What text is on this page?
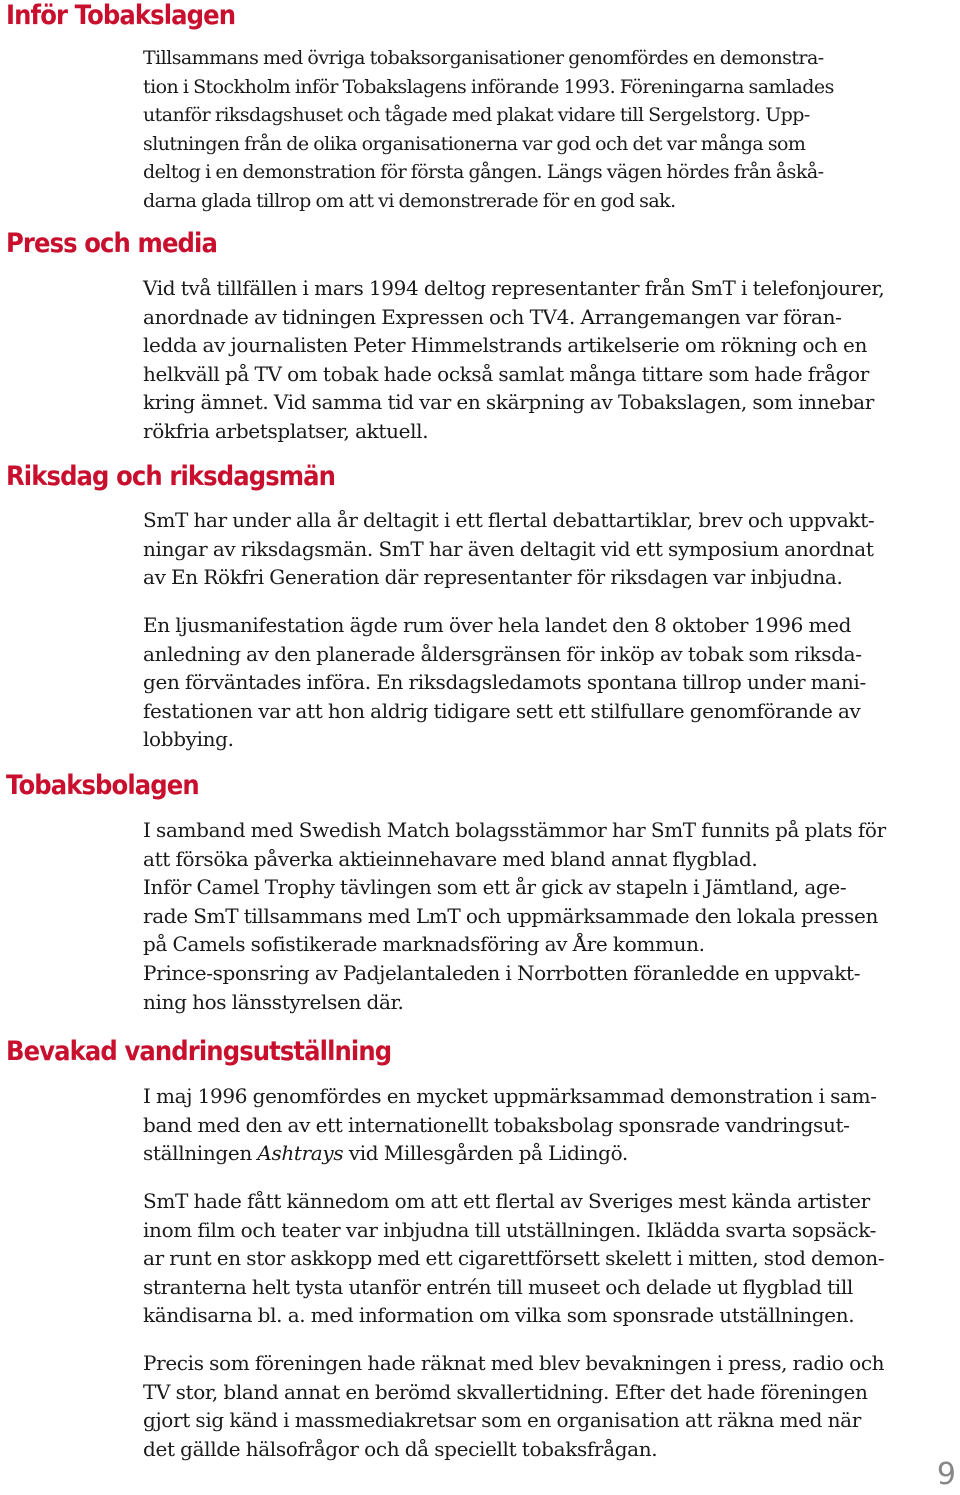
Inför Tobakslagen

Tillsammans med övriga tobaksorganisationer genomfördes en demonstra-
tion i Stockholm inför Tobakslagens införande 1993. Föreningarna samlades
utanför riksdagshuset och tågade med plakat vidare till Sergelstorg. Upp-
slutningen från de olika organisationerna var god och det var många som
deltog i en demonstration för första gången. Längs vägen hördes från åskå-
darna glada tillrop om att vi demonstrerade för en god sak.

Press och media

Vid två tillfällen i mars 1994 deltog representanter från SmT i telefonjourer,
anordnade av tidningen Expressen och TV4. Arrangemangen var föran-
ledda av journalisten Peter Himmelstrands artikelserie om rökning och en
helkväll på TV om tobak hade också samlat många tittare som hade frågor
kring ämnet. Vid samma tid var en skärpning av Tobakslagen, som innebar
rökfria arbetsplatser, aktuell.

Riksdag och riksdagsmän

SmT har under alla år deltagit i ett flertal debattartiklar, brev och uppvakt-
ningar av riksdagsmän. SmT har även deltagit vid ett symposium anordnat
av En Rökfri Generation där representanter för riksdagen var inbjudna.

En ljusmanifestation ägde rum över hela landet den 8 oktober 1996 med
anledning av den planerade åldersgränsen för inköp av tobak som riksda-
gen förväntades införa. En riksdagsledamots spontana tillrop under mani-
festationen var att hon aldrig tidigare sett ett stilfullare genomförande av
lobbying.

Tobaksbolagen

I samband med Swedish Match bolagsstämmor har SmT funnits på plats för
att försöka påverka aktieinnehavare med bland annat flygblad.
Inför Camel Trophy tävlingen som ett år gick av stapeln i Jämtland, age-
rade SmT tillsammans med LmT och uppmärksammade den lokala pressen
på Camels sofistikerade marknadsföring av Åre kommun.
Prince-sponsring av Padjelantaleden i Norrbotten föranledde en uppvakt-
ning hos länsstyrelsen där.

Bevakad vandringsutställning

I maj 1996 genomfördes en mycket uppmärksammad demonstration i sam-
band med den av ett internationellt tobaksbolag sponsrade vandringsut-
ställningen Ashtrays vid Millesgården på Lidingö.

SmT hade fått kännedom om att ett flertal av Sveriges mest kända artister
inom film och teater var inbjudna till utställningen. Iklädda svarta sopsäck-
ar runt en stor askkopp med ett cigarettförsett skelett i mitten, stod demon-
stranterna helt tysta utanför entrén till museet och delade ut flygblad till
kändisarna bl. a. med information om vilka som sponsrade utställningen.

Precis som föreningen hade räknat med blev bevakningen i press, radio och
TV stor, bland annat en berömd skvallertidning. Efter det hade föreningen
gjort sig känd i massmediakretsar som en organisation att räkna med när
det gällde hälsofrågor och då speciellt tobaksfrågan.

9
